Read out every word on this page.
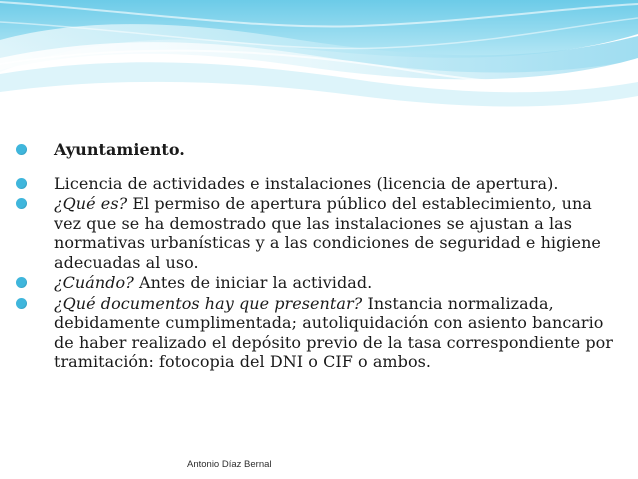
Ayuntamiento.
Licencia de actividades e instalaciones (licencia de apertura).
¿Qué es? El permiso de apertura público del establecimiento, una vez que se ha demostrado que las instalaciones se ajustan a las normativas urbanísticas y a las condiciones de seguridad e higiene adecuadas al uso.
¿Cuándo? Antes de iniciar la actividad.
¿Qué documentos hay que presentar? Instancia normalizada, debidamente cumplimentada; autoliquidación con asiento bancario de haber realizado el depósito previo de la tasa correspondiente por tramitación: fotocopia del DNI o CIF o ambos.
Antonio Díaz Bernal
